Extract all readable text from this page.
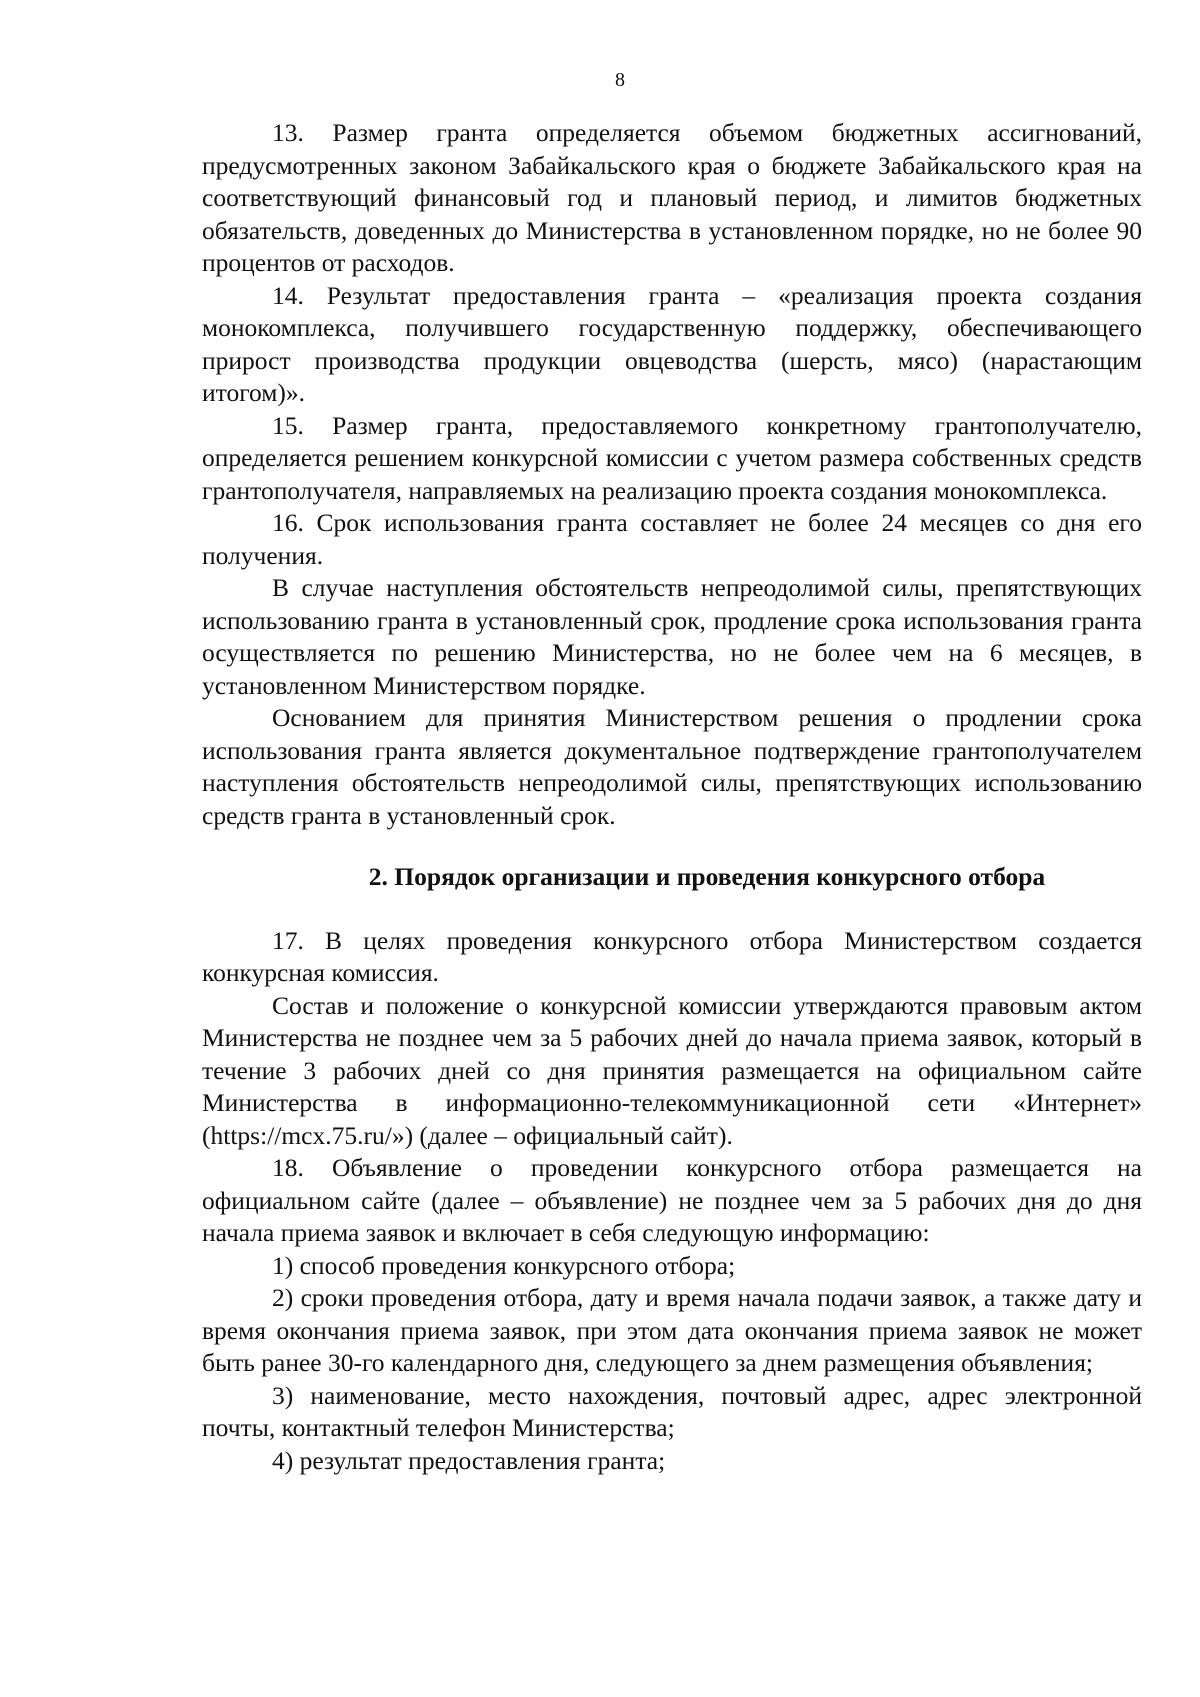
8

13. Размер гранта определяется объемом бюджетных ассигнований, предусмотренных законом Забайкальского края о бюджете Забайкальского края на соответствующий финансовый год и плановый период, и лимитов бюджетных обязательств, доведенных до Министерства в установленном порядке, но не более 90 процентов от расходов.

14. Результат предоставления гранта – «реализация проекта создания монокомплекса, получившего государственную поддержку, обеспечивающего прирост производства продукции овцеводства (шерсть, мясо) (нарастающим итогом)».

15. Размер гранта, предоставляемого конкретному грантополучателю, определяется решением конкурсной комиссии с учетом размера собственных средств грантополучателя, направляемых на реализацию проекта создания монокомплекса.

16. Срок использования гранта составляет не более 24 месяцев со дня его получения.

В случае наступления обстоятельств непреодолимой силы, препятствующих использованию гранта в установленный срок, продление срока использования гранта осуществляется по решению Министерства, но не более чем на 6 месяцев, в установленном Министерством порядке.

Основанием для принятия Министерством решения о продлении срока использования гранта является документальное подтверждение грантополучателем наступления обстоятельств непреодолимой силы, препятствующих использованию средств гранта в установленный срок.

2. Порядок организации и проведения конкурсного отбора

17. В целях проведения конкурсного отбора Министерством создается конкурсная комиссия.

Состав и положение о конкурсной комиссии утверждаются правовым актом Министерства не позднее чем за 5 рабочих дней до начала приема заявок, который в течение 3 рабочих дней со дня принятия размещается на официальном сайте Министерства в информационно-телекоммуникационной сети «Интернет» (https://mcx.75.ru/») (далее – официальный сайт).

18. Объявление о проведении конкурсного отбора размещается на официальном сайте (далее – объявление) не позднее чем за 5 рабочих дня до дня начала приема заявок и включает в себя следующую информацию:

1) способ проведения конкурсного отбора;

2) сроки проведения отбора, дату и время начала подачи заявок, а также дату и время окончания приема заявок, при этом дата окончания приема заявок не может быть ранее 30-го календарного дня, следующего за днем размещения объявления;

3) наименование, место нахождения, почтовый адрес, адрес электронной почты, контактный телефон Министерства;

4) результат предоставления гранта;
